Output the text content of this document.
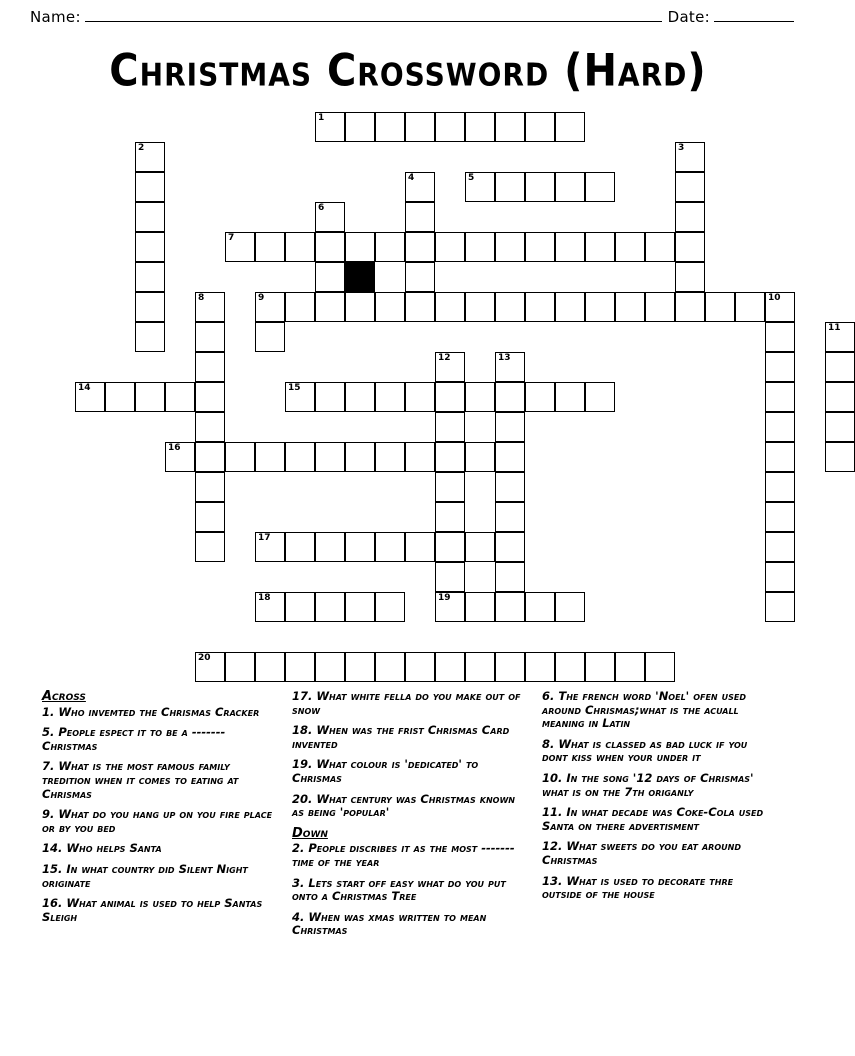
Name:	Date:
Christmas Crossword (Hard)
1
2	3
4	5
6
7
8	9	10
11
12	13
14	15
16
17
18	19
20
Across

1. Who invemted the Chrismas Cracker

5. People espect it to be a ------- Christmas

7. What is the most famous family tredition when it comes to eating at Chrismas

9. What do you hang up on you fire place or by you bed

14. Who helps Santa

15. In what country did Silent Night originate

16. What animal is used to help Santas Sleigh

17. What white fella do you make out of snow

18. When was the frist Chrismas Card invented

19. What colour is 'dedicated' to Chrismas

20. What century was Christmas known as being 'popular'

Down

2. People discribes it as the most ------- time of the year

3. Lets start off easy what do you put onto a Christmas Tree

4. When was xmas written to mean Christmas

6. The french word 'Noel' ofen used around Chrismas;what is the acuall meaning in Latin

8. What is classed as bad luck if you dont kiss when your under it

10. In the song '12 days of Chrismas' what is on the 7th origanly

11. In what decade was Coke-Cola used Santa on there advertisment

12. What sweets do you eat around Christmas

13. What is used to decorate thre outside of the house
